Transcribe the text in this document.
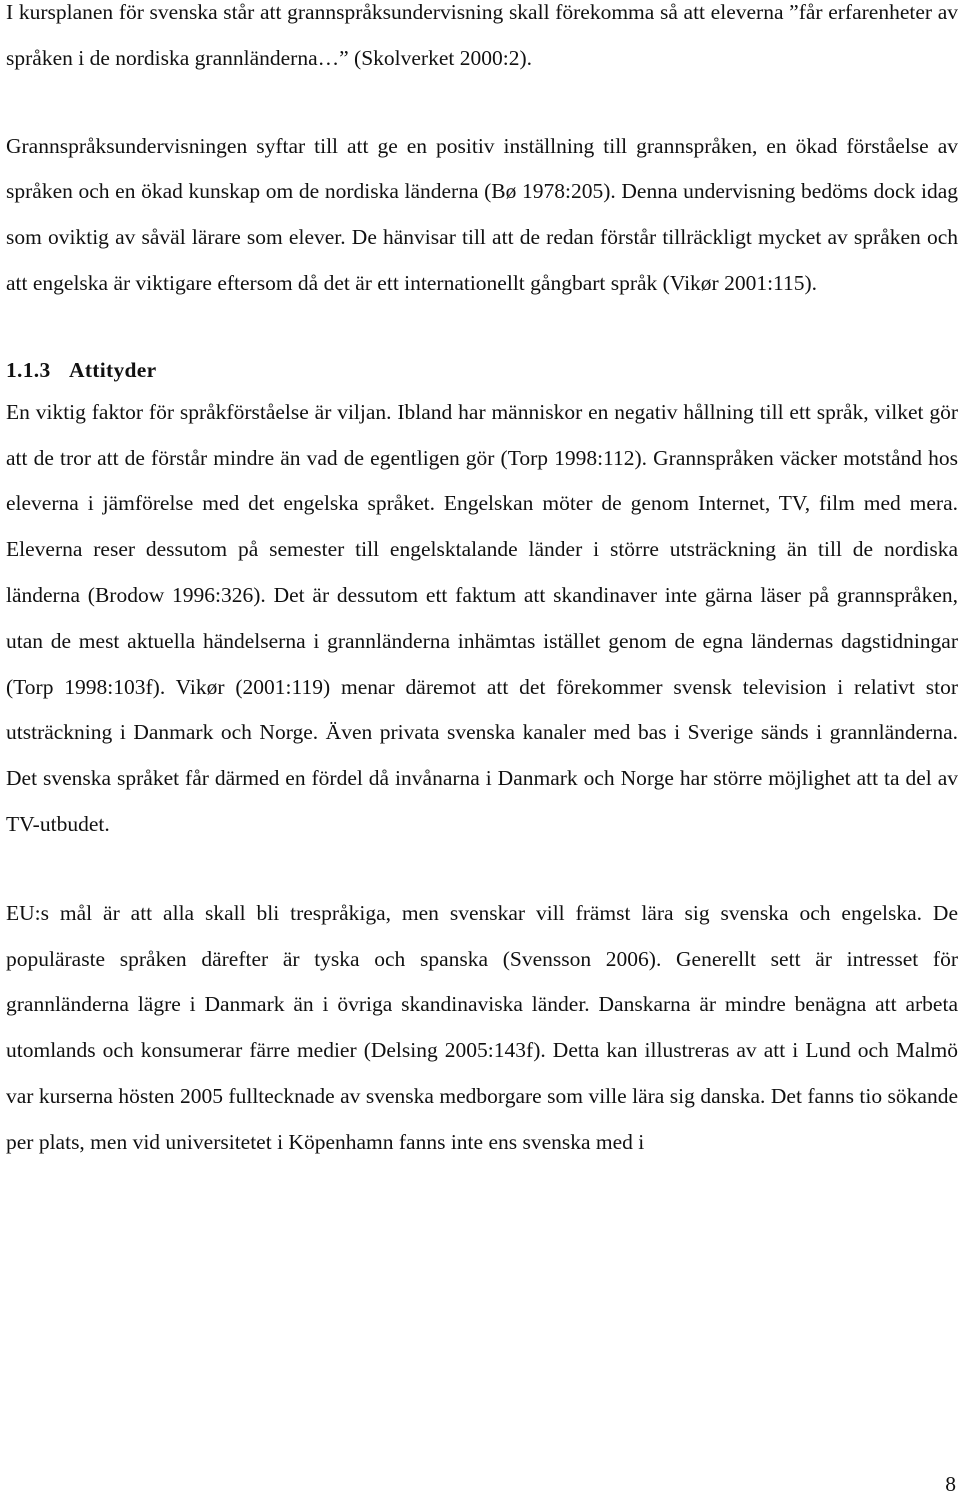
I kursplanen för svenska står att grannspråksundervisning skall förekomma så att eleverna ”får erfarenheter av språken i de nordiska grannländerna…” (Skolverket 2000:2).

Grannspråksundervisningen syftar till att ge en positiv inställning till grannspråken, en ökad förståelse av språken och en ökad kunskap om de nordiska länderna (Bø 1978:205). Denna undervisning bedöms dock idag som oviktig av såväl lärare som elever. De hänvisar till att de redan förstår tillräckligt mycket av språken och att engelska är viktigare eftersom då det är ett internationellt gångbart språk (Vikør 2001:115).

1.1.3 Attityder

En viktig faktor för språkförståelse är viljan. Ibland har människor en negativ hållning till ett språk, vilket gör att de tror att de förstår mindre än vad de egentligen gör (Torp 1998:112). Grannspråken väcker motstånd hos eleverna i jämförelse med det engelska språket. Engelskan möter de genom Internet, TV, film med mera. Eleverna reser dessutom på semester till engelsktalande länder i större utsträckning än till de nordiska länderna (Brodow 1996:326). Det är dessutom ett faktum att skandinaver inte gärna läser på grannspråken, utan de mest aktuella händelserna i grannländerna inhämtas istället genom de egna ländernas dagstidningar (Torp 1998:103f). Vikør (2001:119) menar däremot att det förekommer svensk television i relativt stor utsträckning i Danmark och Norge. Även privata svenska kanaler med bas i Sverige sänds i grannländerna. Det svenska språket får därmed en fördel då invånarna i Danmark och Norge har större möjlighet att ta del av TV-utbudet.

EU:s mål är att alla skall bli trespråkiga, men svenskar vill främst lära sig svenska och engelska. De populäraste språken därefter är tyska och spanska (Svensson 2006). Generellt sett är intresset för grannländerna lägre i Danmark än i övriga skandinaviska länder. Danskarna är mindre benägna att arbeta utomlands och konsumerar färre medier (Delsing 2005:143f). Detta kan illustreras av att i Lund och Malmö var kurserna hösten 2005 fulltecknade av svenska medborgare som ville lära sig danska. Det fanns tio sökande per plats, men vid universitetet i Köpenhamn fanns inte ens svenska med i

8
